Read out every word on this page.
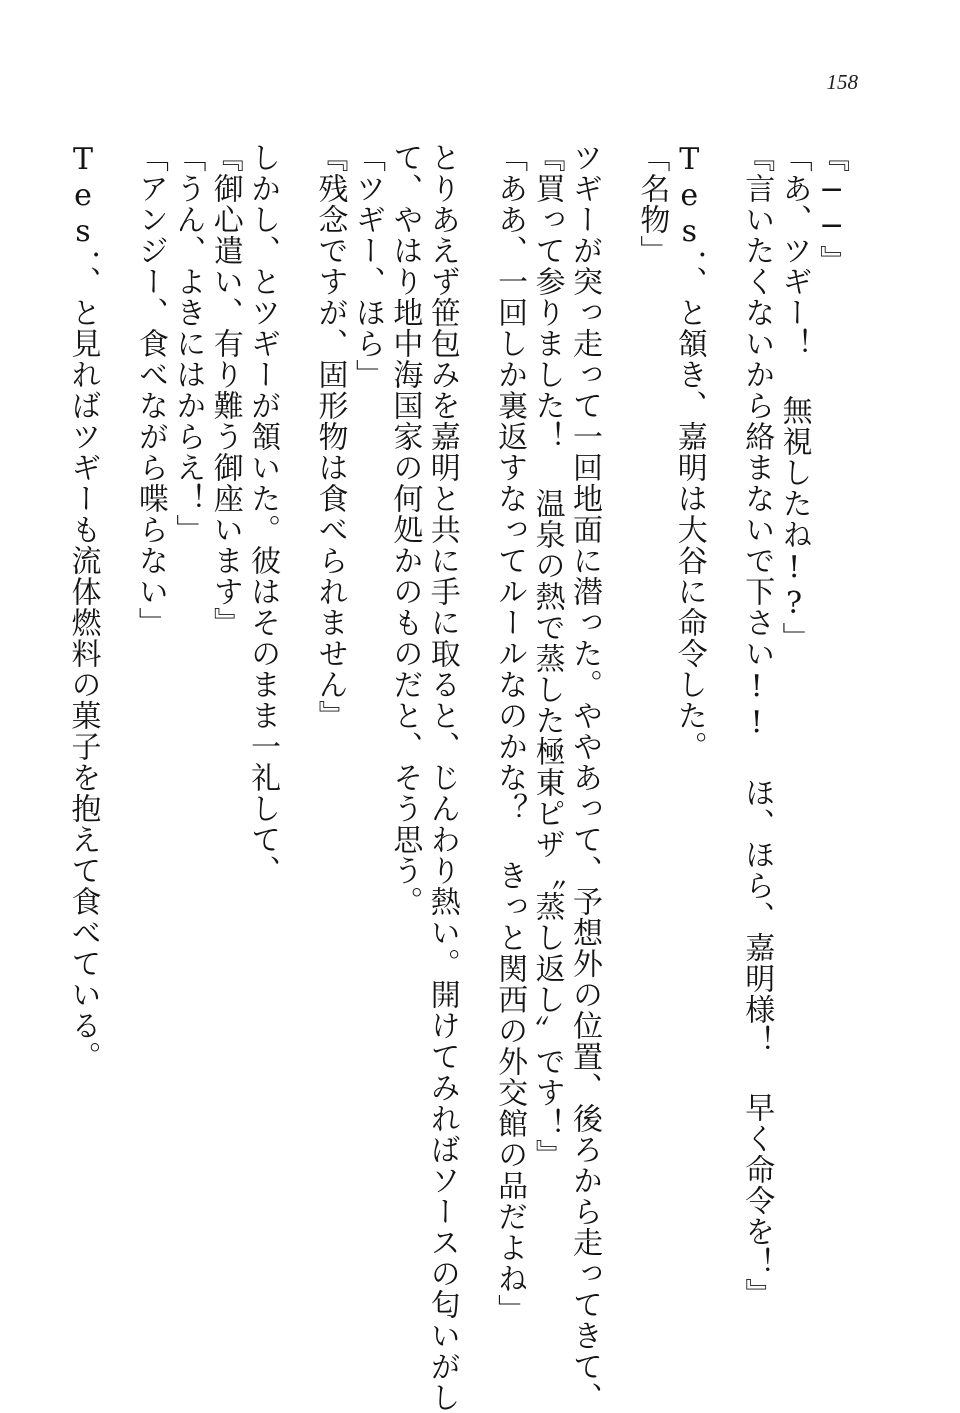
158
『──』
「あ、ツギー！ 無視したね!?」
『言いたくないから絡まないで下さい!! ほ、ほら、嘉明様！ 早く命令を！』
Tes．、と頷き、嘉明は大谷に命令した。
「名物」
ツギーが突っ走って一回地面に潜った。ややあって、予想外の位置、後ろから走ってきて、
『買って参りました！ 温泉の熱で蒸した極東ピザ〝蒸し返し〟です！』
「ああ、一回しか裏返すなってルールなのかな？ きっと関西の外交館の品だよね」
とりあえず笹包みを嘉明と共に手に取ると、じんわり熱い。開けてみればソースの匂いがし
て、やはり地中海国家の何処かのものだと、そう思う。
「ツギー、ほら」
『残念ですが、固形物は食べられません』
しかし、とツギーが頷いた。彼はそのまま一礼して、
『御心遣い、有り難う御座います』
「うん、よきにはからえ！」
「アンジー、食べながら喋らない」
Tes．、と見ればツギーも流体燃料の菓子を抱えて食べている。
